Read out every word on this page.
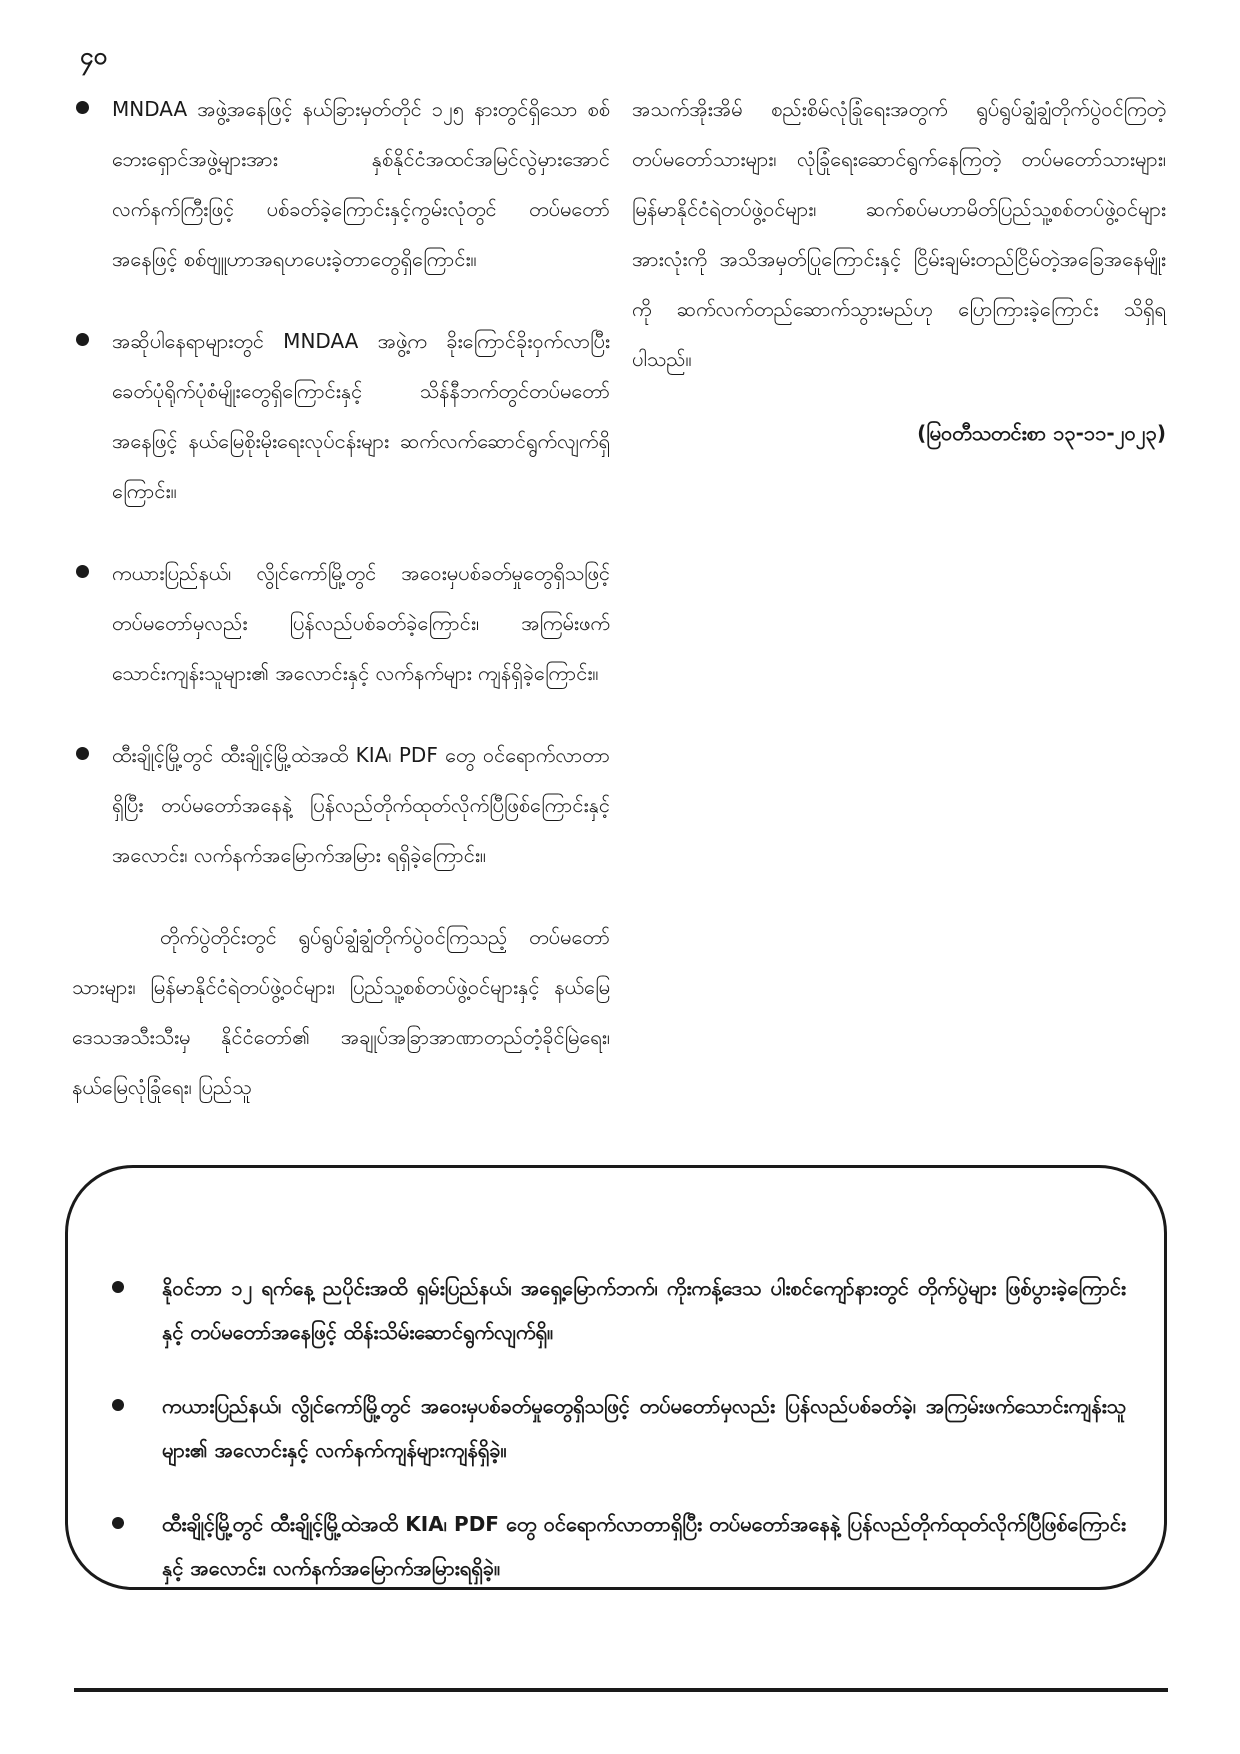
၄၀
MNDAA အဖွဲ့အနေဖြင့် နယ်ခြားမှတ်တိုင် ၁၂၅ နားတွင်ရှိသော စစ်ဘေးရှောင်အဖွဲ့များအား နှစ်နိုင်ငံအထင်အမြင်လွဲမှားအောင် လက်နက်ကြီးဖြင့် ပစ်ခတ်ခဲ့ကြောင်းနှင့်ကွမ်းလုံတွင် တပ်မတော်အနေဖြင့် စစ်ဗျူဟာအရဟပေးခဲ့တာတွေရှိကြောင်း။
အဆိုပါနေရာများတွင် MNDAA အဖွဲ့က ခိုးကြောင်ခိုးဝှက်လာပြီး ခေတ်ပုံရိုက်ပုံစံမျိုးတွေရှိကြောင်းနှင့် သိန်နီဘက်တွင်တပ်မတော်အနေဖြင့် နယ်မြေစိုးမိုးရေးလုပ်ငန်းများ ဆက်လက်ဆောင်ရွက်လျက်ရှိကြောင်း။
ကယားပြည်နယ်၊ လွိုင်ကော်မြို့တွင် အဝေးမှပစ်ခတ်မှုတွေရှိသဖြင့် တပ်မတော်မှလည်း ပြန်လည်ပစ်ခတ်ခဲ့ကြောင်း၊ အကြမ်းဖက်သောင်းကျန်းသူများ၏ အလောင်းနှင့် လက်နက်များ ကျန်ရှိခဲ့ကြောင်း။
ထီးချိုင့်မြို့တွင် ထီးချိုင့်မြို့ထဲအထိ KIA၊ PDF တွေ ဝင်ရောက်လာတာရှိပြီး တပ်မတော်အနေနဲ့ ပြန်လည်တိုက်ထုတ်လိုက်ပြီဖြစ်ကြောင်းနှင့် အလောင်း၊ လက်နက်အမြောက်အမြား ရရှိခဲ့ကြောင်း။

တိုက်ပွဲတိုင်းတွင် ရွပ်ရွပ်ချွံချွံတိုက်ပွဲဝင်ကြသည့် တပ်မတော်သားများ၊ မြန်မာနိုင်ငံရဲတပ်ဖွဲ့ဝင်များ၊ ပြည်သူ့စစ်တပ်ဖွဲ့ဝင်များနှင့် နယ်မြေဒေသအသီးသီးမှ နိုင်ငံတော်၏ အချုပ်အခြာအာဏာတည်တံ့ခိုင်မြဲရေး၊ နယ်မြေလုံခြုံရေး၊ ပြည်သူ

အသက်အိုးအိမ် စည်းစိမ်လုံခြုံရေးအတွက် ရွပ်ရွပ်ချွံချွံတိုက်ပွဲဝင်ကြတဲ့ တပ်မတော်သားများ၊ လုံခြုံရေးဆောင်ရွက်နေကြတဲ့ တပ်မတော်သားများ၊ မြန်မာနိုင်ငံရဲတပ်ဖွဲ့ဝင်များ၊ ဆက်စပ်မဟာမိတ်ပြည်သူ့စစ်တပ်ဖွဲ့ဝင်များအားလုံးကို အသိအမှတ်ပြုကြောင်းနှင့် ငြိမ်းချမ်းတည်ငြိမ်တဲ့အခြေအနေမျိုးကို ဆက်လက်တည်ဆောက်သွားမည်ဟု ပြောကြားခဲ့ကြောင်း သိရှိရပါသည်။

(မြဝတီသတင်းစာ ၁၃-၁၁-၂၀၂၃)

နိုဝင်ဘာ ၁၂ ရက်နေ့ ညပိုင်းအထိ ရှမ်းပြည်နယ်၊ အရှေ့မြောက်ဘက်၊ ကိုးကန့်ဒေသ ပါးစင်ကျော်နားတွင် တိုက်ပွဲများ ဖြစ်ပွားခဲ့ကြောင်းနှင့် တပ်မတော်အနေဖြင့် ထိန်းသိမ်းဆောင်ရွက်လျက်ရှိ။
ကယားပြည်နယ်၊ လွိုင်ကော်မြို့တွင် အဝေးမှပစ်ခတ်မှုတွေရှိသဖြင့် တပ်မတော်မှလည်း ပြန်လည်ပစ်ခတ်ခဲ့၊ အကြမ်းဖက်သောင်းကျန်းသူများ၏ အလောင်းနှင့် လက်နက်ကျန်များကျန်ရှိခဲ့။
ထီးချိုင့်မြို့တွင် ထီးချိုင့်မြို့ထဲအထိ KIA၊ PDF တွေ ဝင်ရောက်လာတာရှိပြီး တပ်မတော်အနေနဲ့ ပြန်လည်တိုက်ထုတ်လိုက်ပြီဖြစ်ကြောင်းနှင့် အလောင်း၊ လက်နက်အမြောက်အမြားရရှိခဲ့။
